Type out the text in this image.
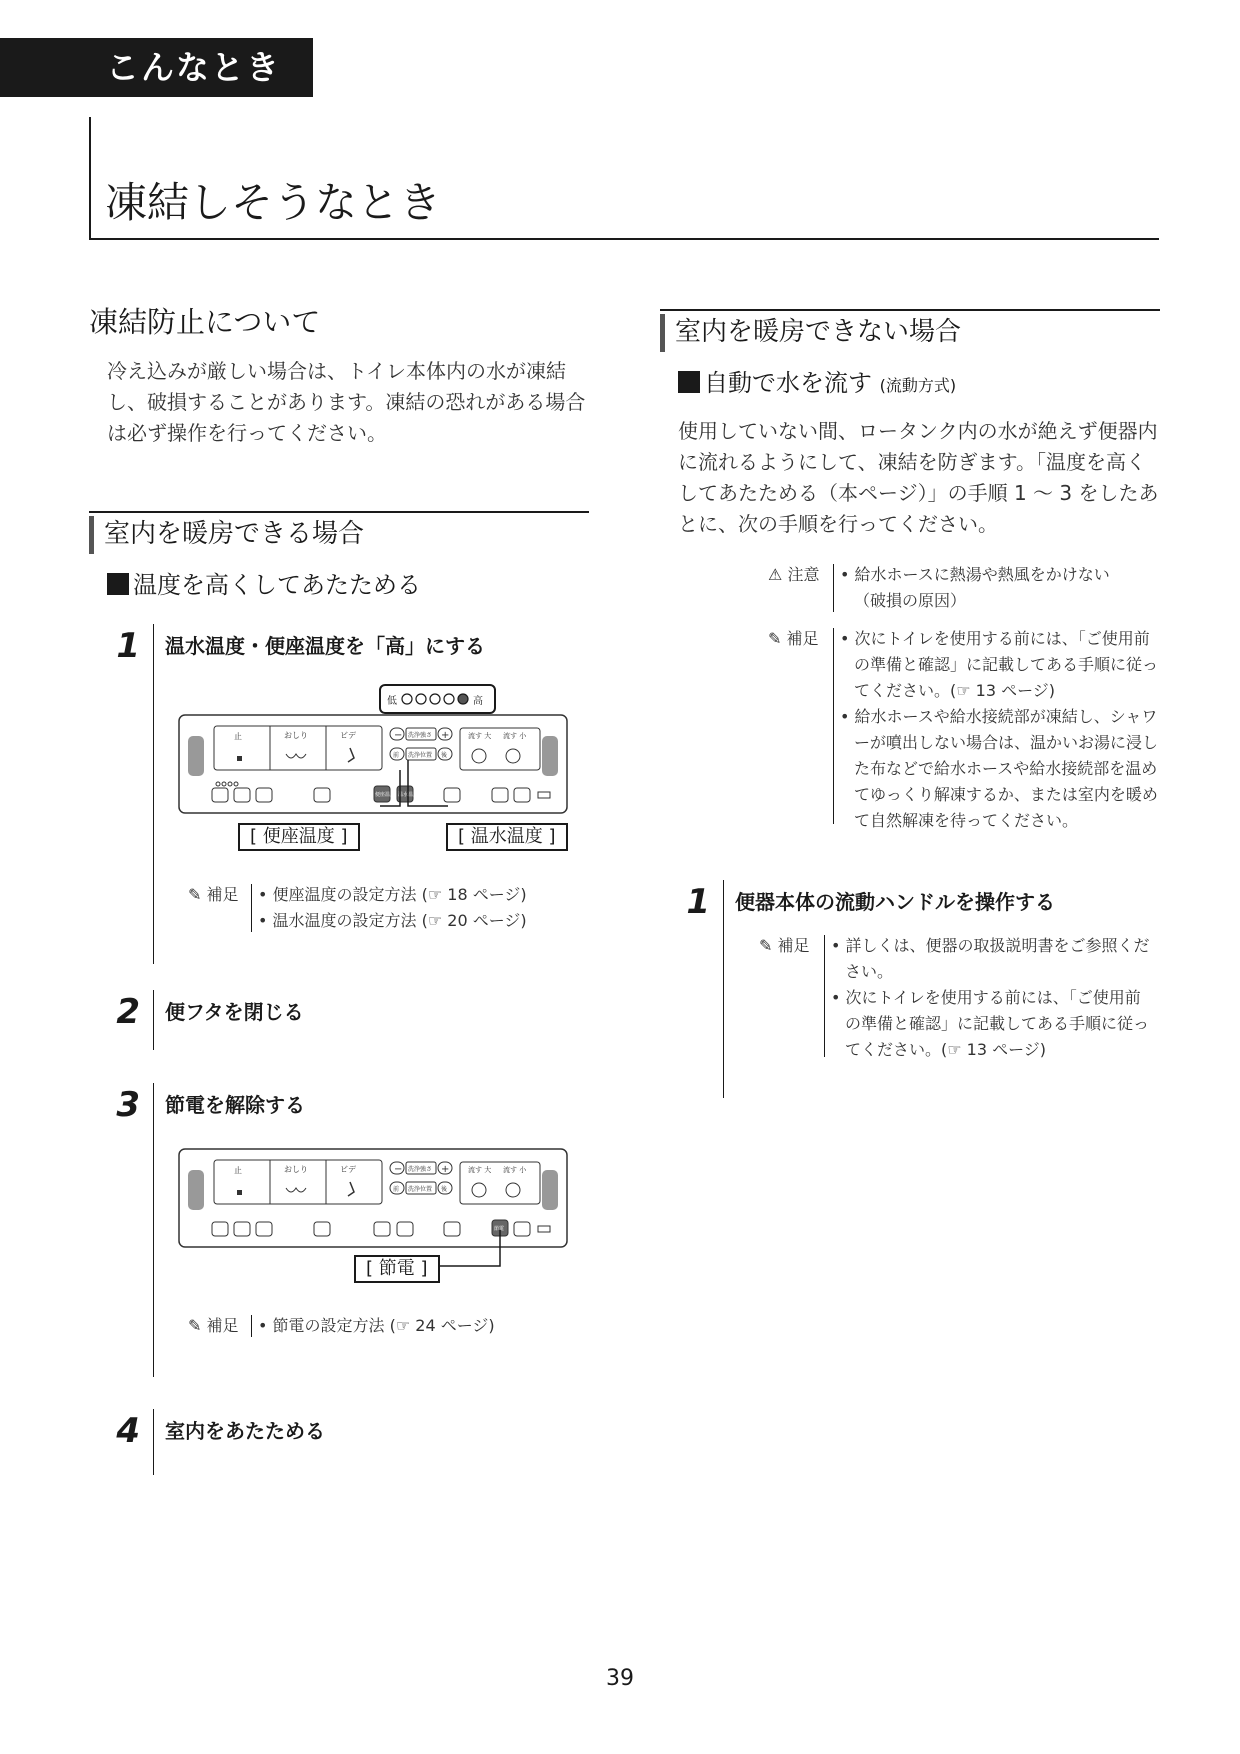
こんなときは
凍結しそうなとき
凍結防止について
冷え込みが厳しい場合は、トイレ本体内の水が凍結し、破損することがあります。凍結の恐れがある場合は必ず操作を行ってください。
室内を暖房できる場合
温度を高くしてあたためる
1 温水温度・便座温度を「高」にする
低	高
止	おしり	ビデ	− 洗浄強さ +
前 洗浄位置 後
流す 大 流す 小
便座温度 温水温度
[ 便座温度 ]	[ 温水温度 ]
✎ 補足 • 便座温度の設定方法 (☞ 18 ページ)

• 温水温度の設定方法 (☞ 20 ページ)

2 便フタを閉じる
3 節電を解除する
止	おしり	ビデ	− 洗浄強さ +
前 洗浄位置 後
流す 大 流す 小
節電
[ 節電 ]
✎ 補足 • 節電の設定方法 (☞ 24 ページ)

4 室内をあたためる
室内を暖房できない場合
自動で水を流す (流動方式)
使用していない間、ロータンク内の水が絶えず便器内に流れるようにして、凍結を防ぎます。「温度を高くしてあたためる（本ページ）」の手順 1 〜 3 をしたあとに、次の手順を行ってください。
⚠ 注意 • 給水ホースに熱湯や熱風をかけない（破損の原因）

✎ 補足 • 次にトイレを使用する前には、「ご使用前の準備と確認」に記載してある手順に従ってください。(☞ 13 ページ)

• 給水ホースや給水接続部が凍結し、シャワーが噴出しない場合は、温かいお湯に浸した布などで給水ホースや給水接続部を温めてゆっくり解凍するか、または室内を暖めて自然解凍を待ってください。

1 便器本体の流動ハンドルを操作する
✎ 補足 • 詳しくは、便器の取扱説明書をご参照ください。

• 次にトイレを使用する前には、「ご使用前の準備と確認」に記載してある手順に従ってください。(☞ 13 ページ)

39
